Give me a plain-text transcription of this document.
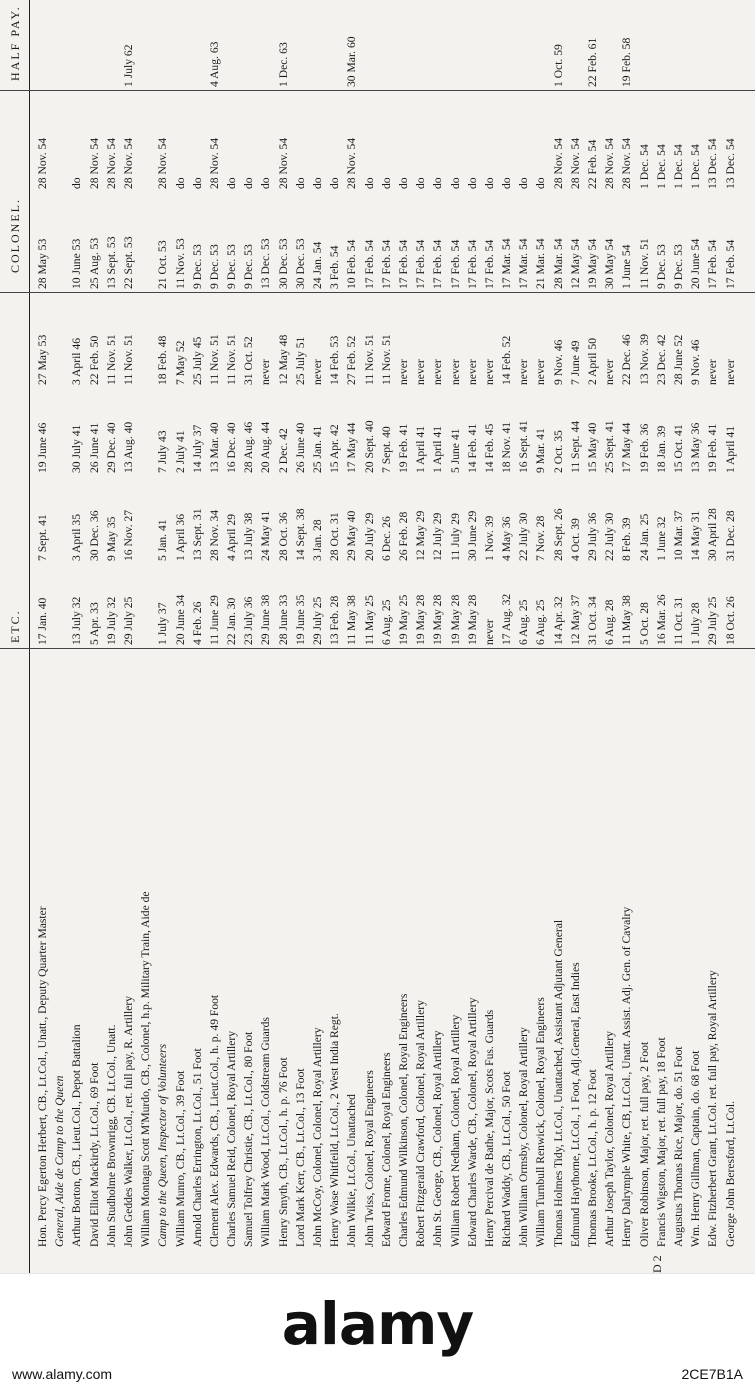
ETC.
COLONEL.
HALF PAY.
Hon. Percy Egerton Herbert, CB., Lt.Col., Unatt., Deputy Quarter Master
17 Jan. 40
7 Sept. 41
19 June 46
27 May 53
28 May 53
28 Nov. 54
General, Aide de Camp to the Queen Arthur Borton, CB., Lieut.Col., Depot Battalion
13 July 32
3 April 35
30 July 41
3 April 46
10 June 53
do
David Elliot Mackirdy, Lt.Col., 69 Foot
5 Apr. 33
30 Dec. 36
26 June 41
22 Feb. 50
25 Aug. 53
28 Nov. 54
John Studholme Brownrigg, CB. Lt.Col., Unatt.
19 July 32
9 May 35
29 Dec. 40
11 Nov. 51
13 Sept. 53
28 Nov. 54
John Geddes Walker, Lt.Col., ret. full pay, R. Artillery
29 July 25
16 Nov. 27
13 Aug. 40
11 Nov. 51
22 Sept. 53
28 Nov. 54
1 July 62
William Montagu Scott M'Murdo, CB., Colonel, h.p. Military Train, Aide de Camp to the Queen, Inspector of Volunteers
1 July 37
5 Jan. 41
7 July 43
18 Feb. 48
21 Oct. 53
28 Nov. 54
William Munro, CB., Lt.Col., 39 Foot
20 June 34
1 April 36
2 July 41
7 May 52
11 Nov. 53
do
Arnold Charles Errington, Lt.Col., 51 Foot
4 Feb. 26
13 Sept. 31
14 July 37
25 July 45
9 Dec. 53
do
Clement Alex. Edwards, CB., Lieut.Col., h. p. 49 Foot
11 June 29
28 Nov. 34
13 Mar. 40
11 Nov. 51
9 Dec. 53
28 Nov. 54
4 Aug. 63
Charles Samuel Reid, Colonel, Royal Artillery
22 Jan. 30
4 April 29
16 Dec. 40
11 Nov. 51
9 Dec. 53
do
Samuel Tolfrey Christie, CB., Lt.Col., 80 Foot
23 July 36
13 July 38
28 Aug. 46
31 Oct. 52
9 Dec. 53
do
William Mark Wood, Lt.Col., Coldstream Guards
29 June 38
24 May 41
20 Aug. 44
never
13 Dec. 53
do
Henry Smyth, CB., Lt.Col., h. p. 76 Foot
28 June 33
28 Oct. 36
2 Dec. 42
12 May 48
30 Dec. 53
28 Nov. 54
1 Dec. 63
Lord Mark Kerr, CB., Lt.Col., 13 Foot
19 June 35
14 Sept. 38
26 June 40
25 July 51
30 Dec. 53
do
John McCoy, Colonel, Colonel, Royal Artillery
29 July 25
3 Jan. 28
25 Jan. 41
never
24 Jan. 54
do
Henry Wase Whitfeild, Lt.Col., 2 West India Regt.
13 Feb. 28
28 Oct. 31
15 Apr. 42
14 Feb. 53
3 Feb. 54
do
John Wilkie, Lt.Col., Unattached
11 May 38
29 May 40
17 May 44
27 Feb. 52
10 Feb. 54
28 Nov. 54
30 Mar. 60
John Twiss, Colonel, Royal Engineers
11 May 25
20 July 29
20 Sept. 40
11 Nov. 51
17 Feb. 54
do
Edward Frome, Colonel, Royal Engineers
6 Aug. 25
6 Dec. 26
7 Sept. 40
11 Nov. 51
17 Feb. 54
do
Charles Edmund Wilkinson, Colonel, Royal Engineers
19 May 25
26 Feb. 28
19 Feb. 41
never
17 Feb. 54
do
Robert Fitzgerald Crawford, Colonel, Royal Artillery
19 May 28
12 May 29
1 April 41
never
17 Feb. 54
do
John St. George, CB., Colonel, Royal Artillery
19 May 28
12 July 29
1 April 41
never
17 Feb. 54
do
William Robert Nedham, Colonel, Royal Artillery
19 May 28
11 July 29
5 June 41
never
17 Feb. 54
do
Edward Charles Warde, CB., Colonel, Royal Artillery
19 May 28
30 June 29
14 Feb. 41
never
17 Feb. 54
do
Henry Percival de Bathe, Major, Scots Fus. Guards
never
1 Nov. 39
14 Feb. 45
never
17 Feb. 54
do
Richard Waddy, CB., Lt.Col., 50 Foot
17 Aug. 32
4 May 36
18 Nov. 41
14 Feb. 52
17 Mar. 54
do
John William Ormsby, Colonel, Royal Artillery
6 Aug. 25
22 July 30
16 Sept. 41
never
17 Mar. 54
do
William Turnbull Renwick, Colonel, Royal Engineers
6 Aug. 25
7 Nov. 28
9 Mar. 41
never
21 Mar. 54
do
Thomas Holmes Tidy, Lt.Col., Unattached, Assistant Adjutant General
14 Apr. 32
28 Sept. 26
2 Oct. 35
9 Nov. 46
28 Mar. 54
28 Nov. 54
1 Oct. 59
Edmund Haythorne, Lt.Col., 1 Foot, Adj.General, East Indies
12 May 37
4 Oct. 39
11 Sept. 44
7 June 49
12 May 54
28 Nov. 54
Thomas Brooke, Lt.Col., h. p. 12 Foot
31 Oct. 34
29 July 36
15 May 40
2 April 50
19 May 54
22 Feb. 54
22 Feb. 61
Arthur Joseph Taylor, Colonel, Royal Artillery
6 Aug. 28
22 July 30
25 Sept. 41
never
30 May 54
28 Nov. 54
Henry Dalrymple White, CB, Lt.Col., Unatt. Assist. Adj. Gen. of Cavalry
11 May 38
8 Feb. 39
17 May 44
22 Dec. 46
1 June 54
28 Nov. 54
19 Feb. 58
Oliver Robinson, Major, ret. full pay, 2 Foot
5 Oct. 28
24 Jan. 25
19 Feb. 36
13 Nov. 39
11 Nov. 51
1 Dec. 54
Francis Wigston, Major, ret. full pay, 18 Foot
16 Mar. 26
1 June 32
18 Jan. 39
23 Dec. 42
9 Dec. 53
1 Dec. 54
Augustus Thomas Rice, Major, do. 51 Foot
11 Oct. 31
10 Mar. 37
15 Oct. 41
28 June 52
9 Dec. 53
1 Dec. 54
Wm. Henry Gillman, Captain, do. 68 Foot
1 July 28
14 May 31
13 May 36
9 Nov. 46
20 June 54
1 Dec. 54
Edw. Fitzherbert Grant, Lt.Col. ret. full pay, Royal Artillery
29 July 25
30 April 28
19 Feb. 41
never
17 Feb. 54
13 Dec. 54
George John Beresford, Lt.Col.
18 Oct. 26
31 Dec. 28
1 April 41
never
17 Feb. 54
13 Dec. 54
D 2
alamy
2CE7B1A
www.alamy.com
